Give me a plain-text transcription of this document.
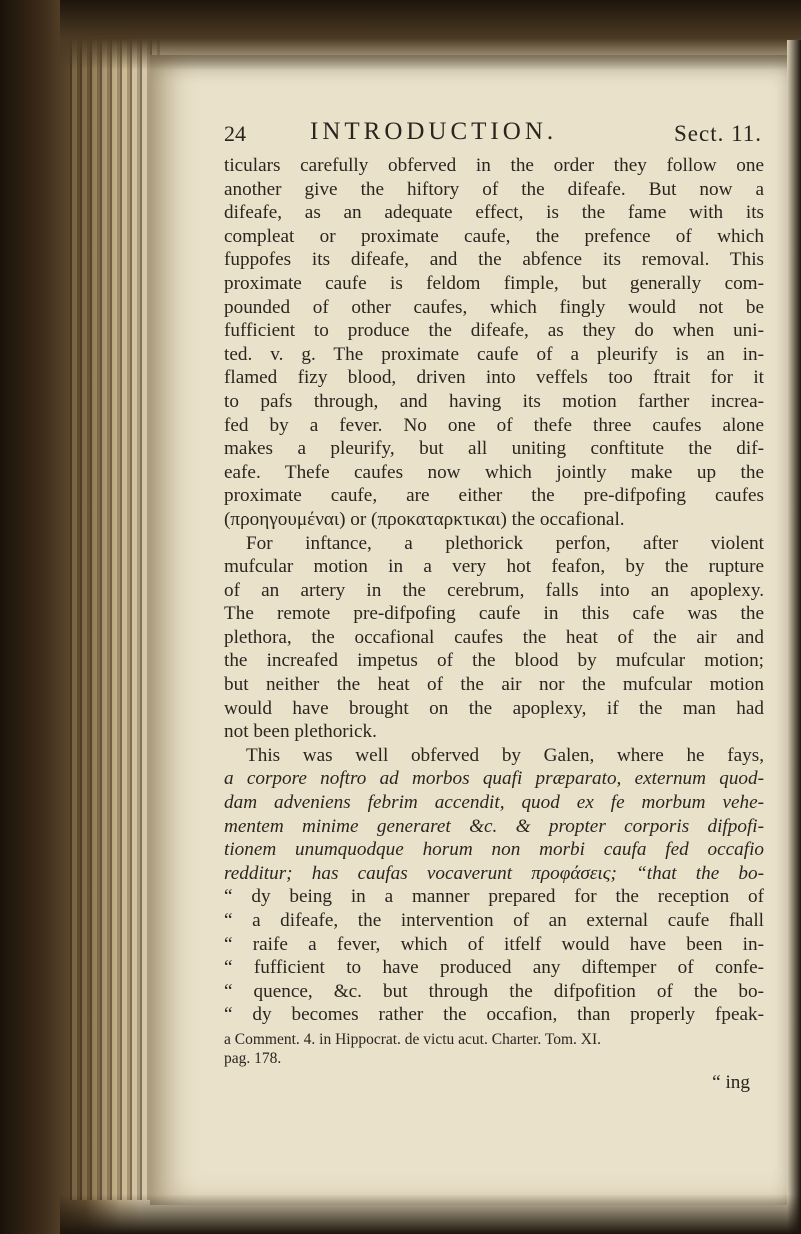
24	INTRODUCTION.	Sect. 11.
ticulars carefully obferved in the order they follow one
another give the hiftory of the difeafe. But now a
difeafe, as an adequate effect, is the fame with its
compleat or proximate caufe, the prefence of which
fuppofes its difeafe, and the abfence its removal. This
proximate caufe is feldom fimple, but generally com-
pounded of other caufes, which fingly would not be
fufficient to produce the difeafe, as they do when uni-
ted. v. g. The proximate caufe of a pleurify is an in-
flamed fizy blood, driven into veffels too ftrait for it
to pafs through, and having its motion farther increa-
fed by a fever. No one of thefe three caufes alone
makes a pleurify, but all uniting conftitute the dif-
eafe. Thefe caufes now which jointly make up the
proximate caufe, are either the pre-difpofing caufes
(προηγουμέναι) or (προκαταρκτικαι) the occafional.
For inftance, a plethorick perfon, after violent
mufcular motion in a very hot feafon, by the rupture
of an artery in the cerebrum, falls into an apoplexy.
The remote pre-difpofing caufe in this cafe was the
plethora, the occafional caufes the heat of the air and
the increafed impetus of the blood by mufcular motion;
but neither the heat of the air nor the mufcular motion
would have brought on the apoplexy, if the man had
not been plethorick.
This was well obferved by Galen, where he fays,
a corpore noftro ad morbos quafi præparato, externum quod-
dam adveniens febrim accendit, quod ex fe morbum vehe-
mentem minime generaret &c. & propter corporis difpofi-
tionem unumquodque horum non morbi caufa fed occafio
redditur; has caufas vocaverunt προφάσεις; “that the bo-
“ dy being in a manner prepared for the reception of
“ a difeafe, the intervention of an external caufe fhall
“ raife a fever, which of itfelf would have been in-
“ fufficient to have produced any diftemper of confe-
“ quence, &c. but through the difpofition of the bo-
“ dy becomes rather the occafion, than properly fpeak-
a Comment. 4. in Hippocrat. de victu acut. Charter. Tom. XI.
pag. 178.
“ ing
